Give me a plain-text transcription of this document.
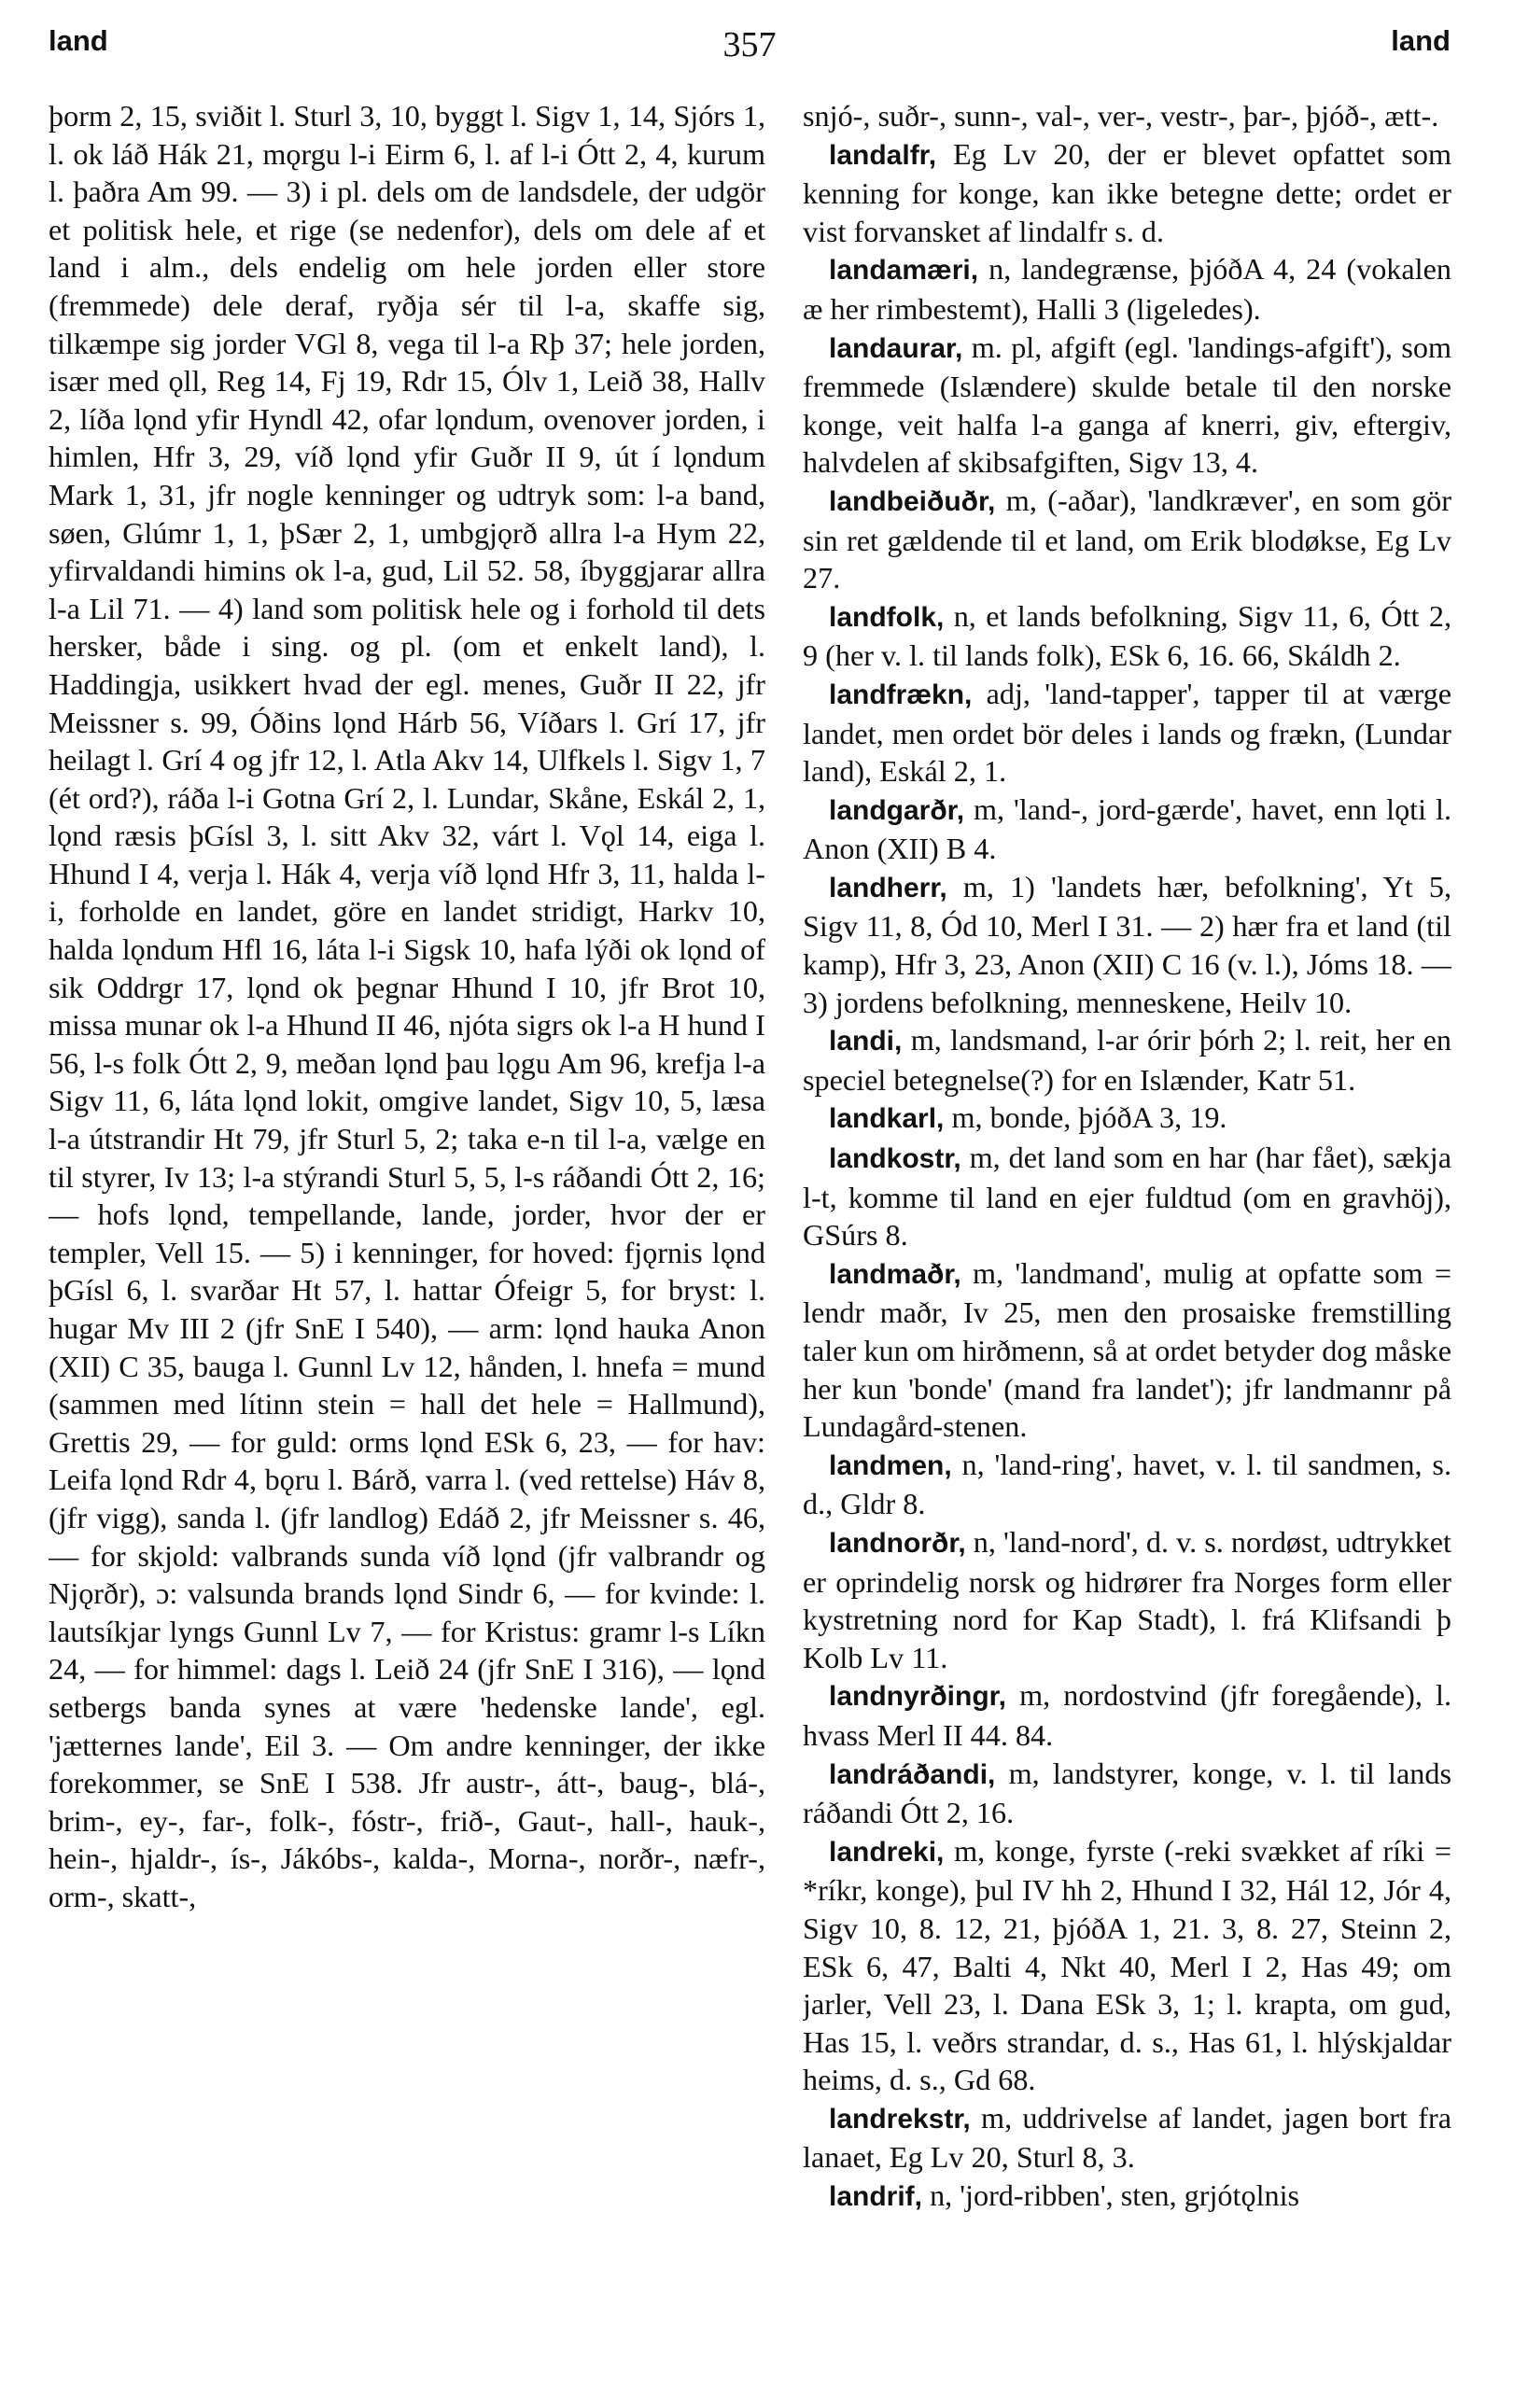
land	357	land

þorm 2, 15, sviðit l. Sturl 3, 10, byggt l. Sigv 1, 14, Sjórs 1, l. ok láð Hák 21, mǫrgu l-i Eirm 6, l. af l-i Ótt 2, 4, kurum l. þaðra Am 99. — 3) i pl. dels om de landsdele, der udgör et politisk hele, et rige (se nedenfor), dels om dele af et land i alm., dels endelig om hele jorden eller store (fremmede) dele deraf, ryðja sér til l-a, skaffe sig, tilkæmpe sig jorder VGl 8, vega til l-a Rþ 37; hele jorden, især med ǫll, Reg 14, Fj 19, Rdr 15, Ólv 1, Leið 38, Hallv 2, líða lǫnd yfir Hyndl 42, ofar lǫndum, ovenover jorden, i himlen, Hfr 3, 29, víð lǫnd yfir Guðr II 9, út í lǫndum Mark 1, 31, jfr nogle kenninger og udtryk som: l-a band, søen, Glúmr 1, 1, þSær 2, 1, umbgjǫrð allra l-a Hym 22, yfirvaldandi himins ok l-a, gud, Lil 52. 58, íbyggjarar allra l-a Lil 71. — 4) land som politisk hele og i forhold til dets hersker, både i sing. og pl. (om et enkelt land), l. Haddingja, usikkert hvad der egl. menes, Guðr II 22, jfr Meissner s. 99, Óðins lǫnd Hárb 56, Víðars l. Grí 17, jfr heilagt l. Grí 4 og jfr 12, l. Atla Akv 14, Ulfkels l. Sigv 1, 7 (ét ord?), ráða l-i Gotna Grí 2, l. Lundar, Skåne, Eskál 2, 1, lǫnd ræsis þGísl 3, l. sitt Akv 32, várt l. Vǫl 14, eiga l. Hhund I 4, verja l. Hák 4, verja víð lǫnd Hfr 3, 11, halda l-i, forholde en landet, göre en landet stridigt, Harkv 10, halda lǫndum Hfl 16, láta l-i Sigsk 10, hafa lýði ok lǫnd of sik Oddrgr 17, lǫnd ok þegnar Hhund I 10, jfr Brot 10, missa munar ok l-a Hhund II 46, njóta sigrs ok l-a H hund I 56, l-s folk Ótt 2, 9, meðan lǫnd þau lǫgu Am 96, krefja l-a Sigv 11, 6, láta lǫnd lokit, omgive landet, Sigv 10, 5, læsa l-a útstrandir Ht 79, jfr Sturl 5, 2; taka e-n til l-a, vælge en til styrer, Iv 13; l-a stýrandi Sturl 5, 5, l-s ráðandi Ótt 2, 16; — hofs lǫnd, tempellande, lande, jorder, hvor der er templer, Vell 15. — 5) i kenninger, for hoved: fjǫrnis lǫnd þGísl 6, l. svarðar Ht 57, l. hattar Ófeigr 5, for bryst: l. hugar Mv III 2 (jfr SnE I 540), — arm: lǫnd hauka Anon (XII) C 35, bauga l. Gunnl Lv 12, hånden, l. hnefa = mund (sammen med lítinn stein = hall det hele = Hallmund), Grettis 29, — for guld: orms lǫnd ESk 6, 23, — for hav: Leifa lǫnd Rdr 4, bǫru l. Bárð, varra l. (ved rettelse) Háv 8, (jfr vigg), sanda l. (jfr landlog) Edáð 2, jfr Meissner s. 46, — for skjold: valbrands sunda víð lǫnd (jfr valbrandr og Njǫrðr), ɔ: valsunda brands lǫnd Sindr 6, — for kvinde: l. lautsíkjar lyngs Gunnl Lv 7, — for Kristus: gramr l-s Líkn 24, — for himmel: dags l. Leið 24 (jfr SnE I 316), — lǫnd setbergs banda synes at være 'hedenske lande', egl. 'jætternes lande', Eil 3. — Om andre kenninger, der ikke forekommer, se SnE I 538. Jfr austr-, átt-, baug-, blá-, brim-, ey-, far-, folk-, fóstr-, frið-, Gaut-, hall-, hauk-, hein-, hjaldr-, ís-, Jákóbs-, kalda-, Morna-, norðr-, næfr-, orm-, skatt-,

snjó-, suðr-, sunn-, val-, ver-, vestr-, þar-, þjóð-, ætt-.

landalfr, Eg Lv 20, der er blevet opfattet som kenning for konge, kan ikke betegne dette; ordet er vist forvansket af lindalfr s. d.

landamæri, n, landegrænse, þjóðA 4, 24 (vokalen æ her rimbestemt), Halli 3 (ligeledes).

landaurar, m. pl, afgift (egl. 'landings-afgift'), som fremmede (Islændere) skulde betale til den norske konge, veit halfa l-a ganga af knerri, giv, eftergiv, halvdelen af skibsafgiften, Sigv 13, 4.

landbeiðuðr, m, (-aðar), 'landkræver', en som gör sin ret gældende til et land, om Erik blodøkse, Eg Lv 27.

landfolk, n, et lands befolkning, Sigv 11, 6, Ótt 2, 9 (her v. l. til lands folk), ESk 6, 16. 66, Skáldh 2.

landfrækn, adj, 'land-tapper', tapper til at værge landet, men ordet bör deles i lands og frækn, (Lundar land), Eskál 2, 1.

landgarðr, m, 'land-, jord-gærde', havet, enn lǫti l. Anon (XII) B 4.

landherr, m, 1) 'landets hær, befolkning', Yt 5, Sigv 11, 8, Ód 10, Merl I 31. — 2) hær fra et land (til kamp), Hfr 3, 23, Anon (XII) C 16 (v. l.), Jóms 18. — 3) jordens befolkning, menneskene, Heilv 10.

landi, m, landsmand, l-ar órir þórh 2; l. reit, her en speciel betegnelse(?) for en Islænder, Katr 51.

landkarl, m, bonde, þjóðA 3, 19.

landkostr, m, det land som en har (har fået), sækja l-t, komme til land en ejer fuldtud (om en gravhöj), GSúrs 8.

landmaðr, m, 'landmand', mulig at opfatte som = lendr maðr, Iv 25, men den prosaiske fremstilling taler kun om hirðmenn, så at ordet betyder dog måske her kun 'bonde' (mand fra landet'); jfr landmannr på Lundagård-stenen.

landmen, n, 'land-ring', havet, v. l. til sandmen, s. d., Gldr 8.

landnorðr, n, 'land-nord', d. v. s. nordøst, udtrykket er oprindelig norsk og hidrører fra Norges form eller kystretning nord for Kap Stadt), l. frá Klifsandi þ Kolb Lv 11.

landnyrðingr, m, nordostvind (jfr foregående), l. hvass Merl II 44. 84.

landráðandi, m, landstyrer, konge, v. l. til lands ráðandi Ótt 2, 16.

landreki, m, konge, fyrste (-reki svækket af ríki = *ríkr, konge), þul IV hh 2, Hhund I 32, Hál 12, Jór 4, Sigv 10, 8. 12, 21, þjóðA 1, 21. 3, 8. 27, Steinn 2, ESk 6, 47, Balti 4, Nkt 40, Merl I 2, Has 49; om jarler, Vell 23, l. Dana ESk 3, 1; l. krapta, om gud, Has 15, l. veðrs strandar, d. s., Has 61, l. hlýskjaldar heims, d. s., Gd 68.

landrekstr, m, uddrivelse af landet, jagen bort fra lanaet, Eg Lv 20, Sturl 8, 3.

landrif, n, 'jord-ribben', sten, grjótǫlnis
